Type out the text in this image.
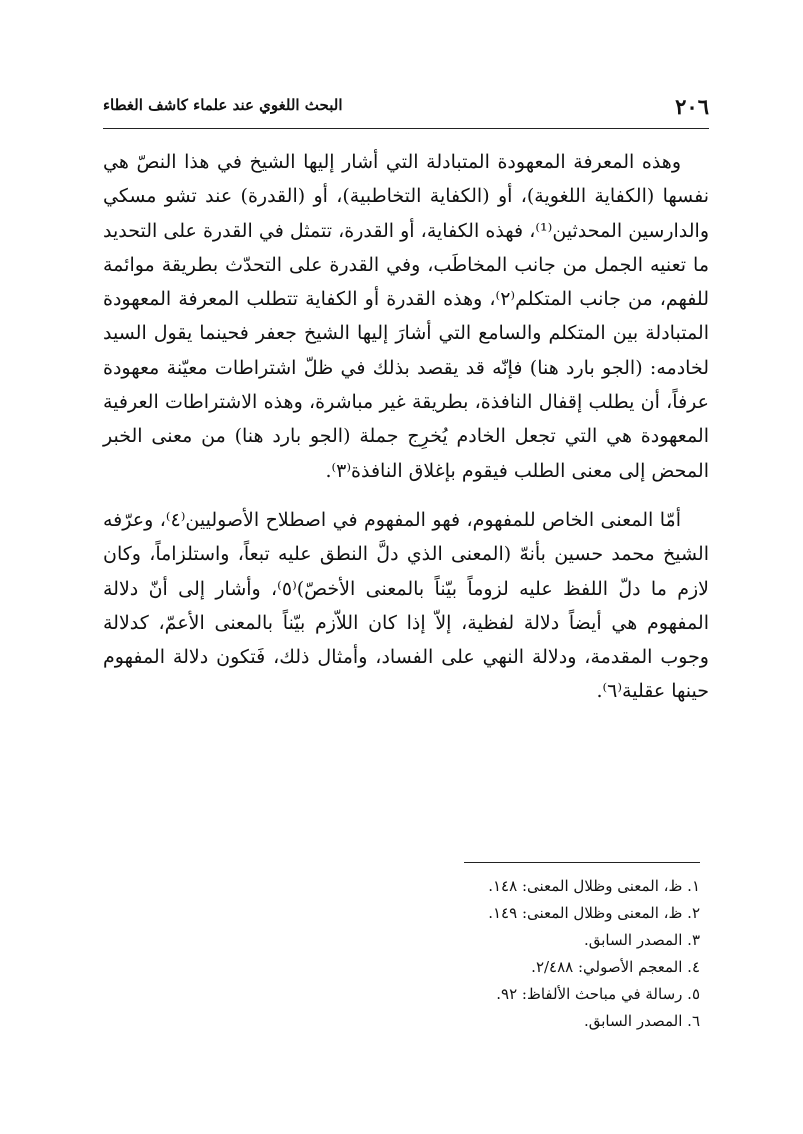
٢٠٦
البحث اللغوي عند علماء كاشف الغطاء

وهذه المعرفة المعهودة المتبادلة التي أشار إليها الشيخ في هذا النصّ هي نفسها (الكفاية اللغوية)، أو (الكفاية التخاطبية)، أو (القدرة) عند تشو مسكي والدارسين المحدثين⁽¹⁾، فهذه الكفاية، أو القدرة، تتمثل في القدرة على التحديد ما تعنيه الجمل من جانب المخاطَب، وفي القدرة على التحدّث بطريقة موائمة للفهم، من جانب المتكلم⁽٢⁾، وهذه القدرة أو الكفاية تتطلب المعرفة المعهودة المتبادلة بين المتكلم والسامع التي أشارَ إليها الشيخ جعفر فحينما يقول السيد لخادمه: (الجو بارد هنا) فإنّه قد يقصد بذلك في ظلّ اشتراطات معيّنة معهودة عرفاً، أن يطلب إقفال النافذة، بطريقة غير مباشرة، وهذه الاشتراطات العرفية المعهودة هي التي تجعل الخادم يُخرِج جملة (الجو بارد هنا) من معنى الخبر المحض إلى معنى الطلب فيقوم بإغلاق النافذة⁽٣⁾.

أمّا المعنى الخاص للمفهوم، فهو المفهوم في اصطلاح الأصوليين⁽٤⁾، وعرّفه الشيخ محمد حسين بأنهّ (المعنى الذي دلَّ النطق عليه تبعاً، واستلزاماً، وكان لازم ما دلّ اللفظ عليه لزوماً بيّناً بالمعنى الأخصّ)⁽٥⁾، وأشار إلى أنّ دلالة المفهوم هي أيضاً دلالة لفظية، إلاّ إذا كان اللاّزم بيّناً بالمعنى الأعمّ، كدلالة وجوب المقدمة، ودلالة النهي على الفساد، وأمثال ذلك، فَتكون دلالة المفهوم حينها عقلية⁽٦⁾.

١. ظ، المعنى وظلال المعنى: ١٤٨.
٢. ظ، المعنى وظلال المعنى: ١٤٩.
٣. المصدر السابق.
٤. المعجم الأصولي: ٢/٤٨٨.
٥. رسالة في مباحث الألفاظ: ٩٢.
٦. المصدر السابق.
